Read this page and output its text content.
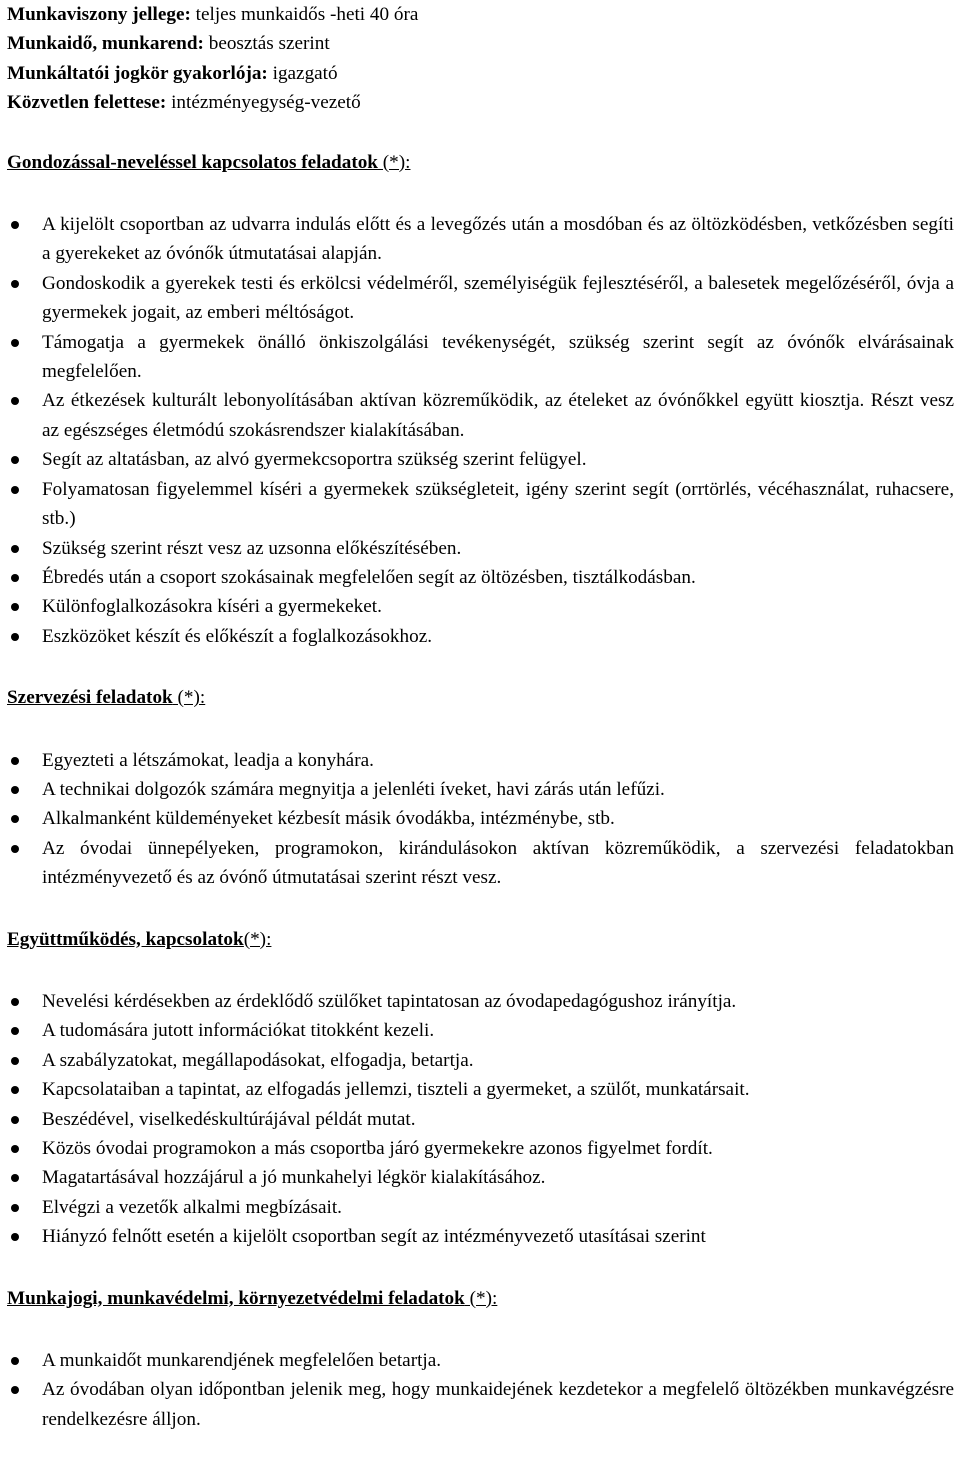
Munkaviszony jellege: teljes munkaidős -heti 40 óra

Munkaidő, munkarend: beosztás szerint

Munkáltatói jogkör gyakorlója: igazgató

Közvetlen felettese: intézményegység-vezető

Gondozással-neveléssel kapcsolatos feladatok (*):

A kijelölt csoportban az udvarra indulás előtt és a levegőzés után a mosdóban és az öltözködésben, vetkőzésben segíti a gyerekeket az óvónők útmutatásai alapján.
Gondoskodik a gyerekek testi és erkölcsi védelméről, személyiségük fejlesztéséről, a balesetek megelőzéséről, óvja a gyermekek jogait, az emberi méltóságot.
Támogatja a gyermekek önálló önkiszolgálási tevékenységét, szükség szerint segít az óvónők elvárásainak megfelelően.
Az étkezések kulturált lebonyolításában aktívan közreműködik, az ételeket az óvónőkkel együtt kiosztja. Részt vesz az egészséges életmódú szokásrendszer kialakításában.
Segít az altatásban, az alvó gyermekcsoportra szükség szerint felügyel.
Folyamatosan figyelemmel kíséri a gyermekek szükségleteit, igény szerint segít (orrtörlés, vécéhasználat, ruhacsere, stb.)
Szükség szerint részt vesz az uzsonna előkészítésében.
Ébredés után a csoport szokásainak megfelelően segít az öltözésben, tisztálkodásban.
Különfoglalkozásokra kíséri a gyermekeket.
Eszközöket készít és előkészít a foglalkozásokhoz.

Szervezési feladatok (*):

Egyezteti a létszámokat, leadja a konyhára.
A technikai dolgozók számára megnyitja a jelenléti íveket, havi zárás után lefűzi.
Alkalmanként küldeményeket kézbesít másik óvodákba, intézménybe, stb.
Az óvodai ünnepélyeken, programokon, kirándulásokon aktívan közreműködik, a szervezési feladatokban intézményvezető és az óvónő útmutatásai szerint részt vesz.

Együttműködés, kapcsolatok(*):

Nevelési kérdésekben az érdeklődő szülőket tapintatosan az óvodapedagógushoz irányítja.
A tudomására jutott információkat titokként kezeli.
A szabályzatokat, megállapodásokat, elfogadja, betartja.
Kapcsolataiban a tapintat, az elfogadás jellemzi, tiszteli a gyermeket, a szülőt, munkatársait.
Beszédével, viselkedéskultúrájával példát mutat.
Közös óvodai programokon a más csoportba járó gyermekekre azonos figyelmet fordít.
Magatartásával hozzájárul a jó munkahelyi légkör kialakításához.
Elvégzi a vezetők alkalmi megbízásait.
Hiányzó felnőtt esetén a kijelölt csoportban segít az intézményvezető utasításai szerint

Munkajogi, munkavédelmi, környezetvédelmi feladatok (*):

A munkaidőt munkarendjének megfelelően betartja.
Az óvodában olyan időpontban jelenik meg, hogy munkaidejének kezdetekor a megfelelő öltözékben munkavégzésre rendelkezésre álljon.
